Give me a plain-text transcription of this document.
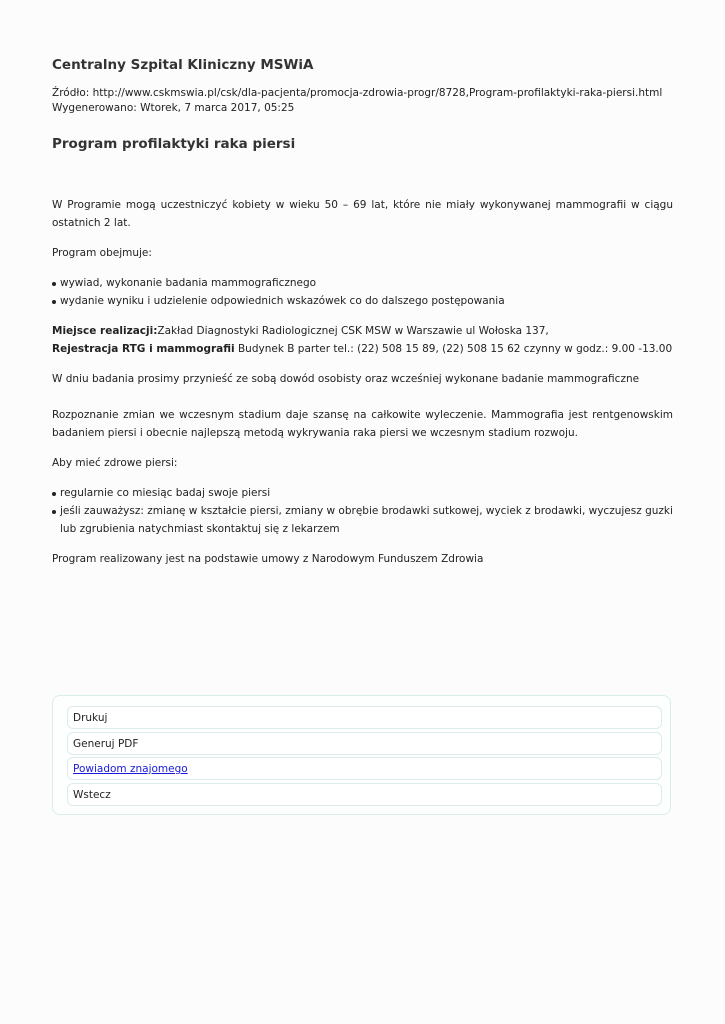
Centralny Szpital Kliniczny MSWiA
Źródło: http://www.cskmswia.pl/csk/dla-pacjenta/promocja-zdrowia-progr/8728,Program-profilaktyki-raka-piersi.html
Wygenerowano: Wtorek, 7 marca 2017, 05:25
Program profilaktyki raka piersi

W Programie mogą uczestniczyć kobiety w wieku 50 – 69 lat, które nie miały wykonywanej mammografii w ciągu ostatnich 2 lat.

Program obejmuje:

wywiad, wykonanie badania mammograficznego
wydanie wyniku i udzielenie odpowiednich wskazówek co do dalszego postępowania

Miejsce realizacji:Zakład Diagnostyki Radiologicznej CSK MSW w Warszawie ul Wołoska 137,
Rejestracja RTG i mammografii Budynek B parter tel.: (22) 508 15 89, (22) 508 15 62 czynny w godz.: 9.00 -13.00

W dniu badania prosimy przynieść ze sobą dowód osobisty oraz wcześniej wykonane badanie mammograficzne

Rozpoznanie zmian we wczesnym stadium daje szansę na całkowite wyleczenie. Mammografia jest rentgenowskim badaniem piersi i obecnie najlepszą metodą wykrywania raka piersi we wczesnym stadium rozwoju.

Aby mieć zdrowe piersi:

regularnie co miesiąc badaj swoje piersi
jeśli zauważysz: zmianę w kształcie piersi, zmiany w obrębie brodawki sutkowej, wyciek z brodawki, wyczujesz guzki lub zgrubienia natychmiast skontaktuj się z lekarzem

Program realizowany jest na podstawie umowy z Narodowym Funduszem Zdrowia

Drukuj
Generuj PDF
Powiadom znajomego
Wstecz
